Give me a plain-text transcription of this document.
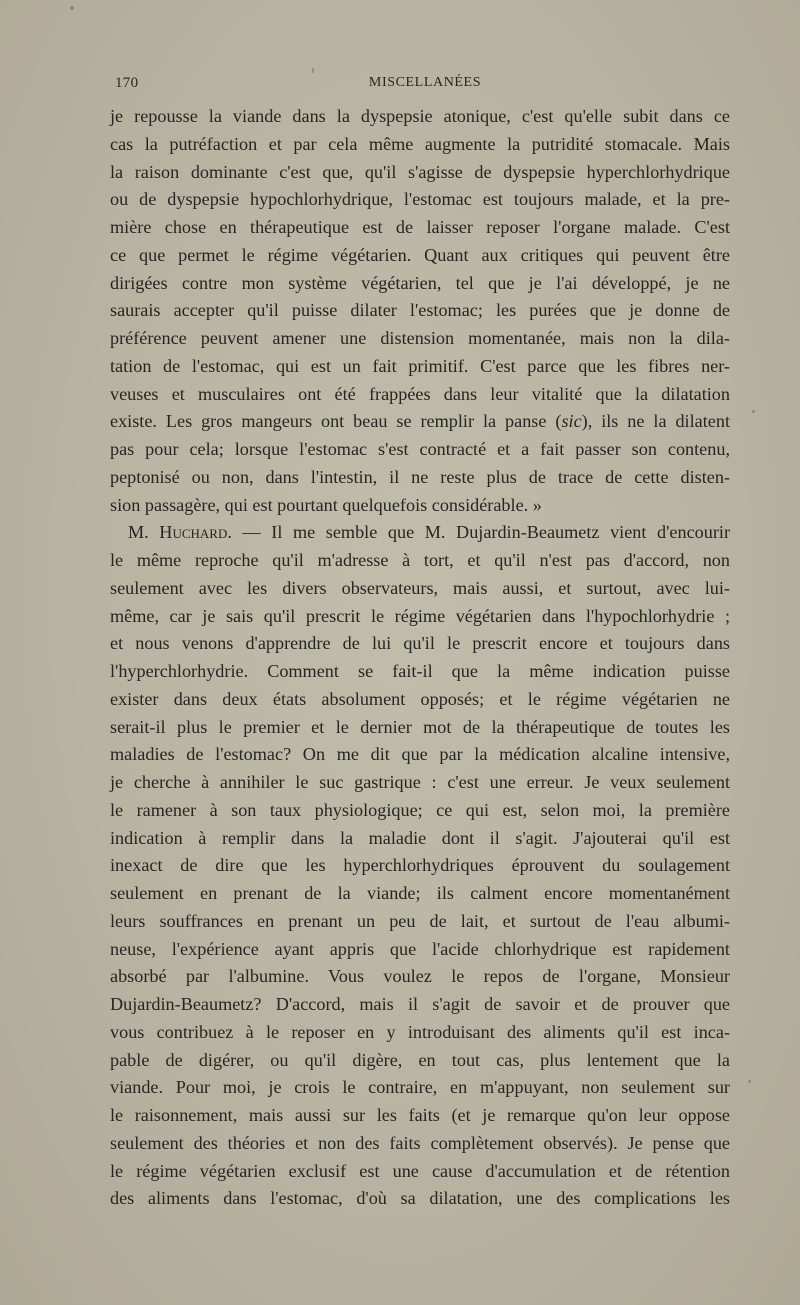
170	MISCELLANÉES
je repousse la viande dans la dyspepsie atonique, c'est qu'elle subit dans ce
cas la putréfaction et par cela même augmente la putridité stomacale. Mais
la raison dominante c'est que, qu'il s'agisse de dyspepsie hyperchlorhydrique
ou de dyspepsie hypochlorhydrique, l'estomac est toujours malade, et la pre-
mière chose en thérapeutique est de laisser reposer l'organe malade. C'est
ce que permet le régime végétarien. Quant aux critiques qui peuvent être
dirigées contre mon système végétarien, tel que je l'ai développé, je ne
saurais accepter qu'il puisse dilater l'estomac; les purées que je donne de
préférence peuvent amener une distension momentanée, mais non la dila-
tation de l'estomac, qui est un fait primitif. C'est parce que les fibres ner-
veuses et musculaires ont été frappées dans leur vitalité que la dilatation
existe. Les gros mangeurs ont beau se remplir la panse (sic), ils ne la dilatent
pas pour cela; lorsque l'estomac s'est contracté et a fait passer son contenu,
peptonisé ou non, dans l'intestin, il ne reste plus de trace de cette disten-
sion passagère, qui est pourtant quelquefois considérable. »
M. Huchard. — Il me semble que M. Dujardin-Beaumetz vient d'encourir
le même reproche qu'il m'adresse à tort, et qu'il n'est pas d'accord, non
seulement avec les divers observateurs, mais aussi, et surtout, avec lui-
même, car je sais qu'il prescrit le régime végétarien dans l'hypochlorhydrie ;
et nous venons d'apprendre de lui qu'il le prescrit encore et toujours dans
l'hyperchlorhydrie. Comment se fait-il que la même indication puisse
exister dans deux états absolument opposés; et le régime végétarien ne
serait-il plus le premier et le dernier mot de la thérapeutique de toutes les
maladies de l'estomac? On me dit que par la médication alcaline intensive,
je cherche à annihiler le suc gastrique : c'est une erreur. Je veux seulement
le ramener à son taux physiologique; ce qui est, selon moi, la première
indication à remplir dans la maladie dont il s'agit. J'ajouterai qu'il est
inexact de dire que les hyperchlorhydriques éprouvent du soulagement
seulement en prenant de la viande; ils calment encore momentanément
leurs souffrances en prenant un peu de lait, et surtout de l'eau albumi-
neuse, l'expérience ayant appris que l'acide chlorhydrique est rapidement
absorbé par l'albumine. Vous voulez le repos de l'organe, Monsieur
Dujardin-Beaumetz? D'accord, mais il s'agit de savoir et de prouver que
vous contribuez à le reposer en y introduisant des aliments qu'il est inca-
pable de digérer, ou qu'il digère, en tout cas, plus lentement que la
viande. Pour moi, je crois le contraire, en m'appuyant, non seulement sur
le raisonnement, mais aussi sur les faits (et je remarque qu'on leur oppose
seulement des théories et non des faits complètement observés). Je pense que
le régime végétarien exclusif est une cause d'accumulation et de rétention
des aliments dans l'estomac, d'où sa dilatation, une des complications les
